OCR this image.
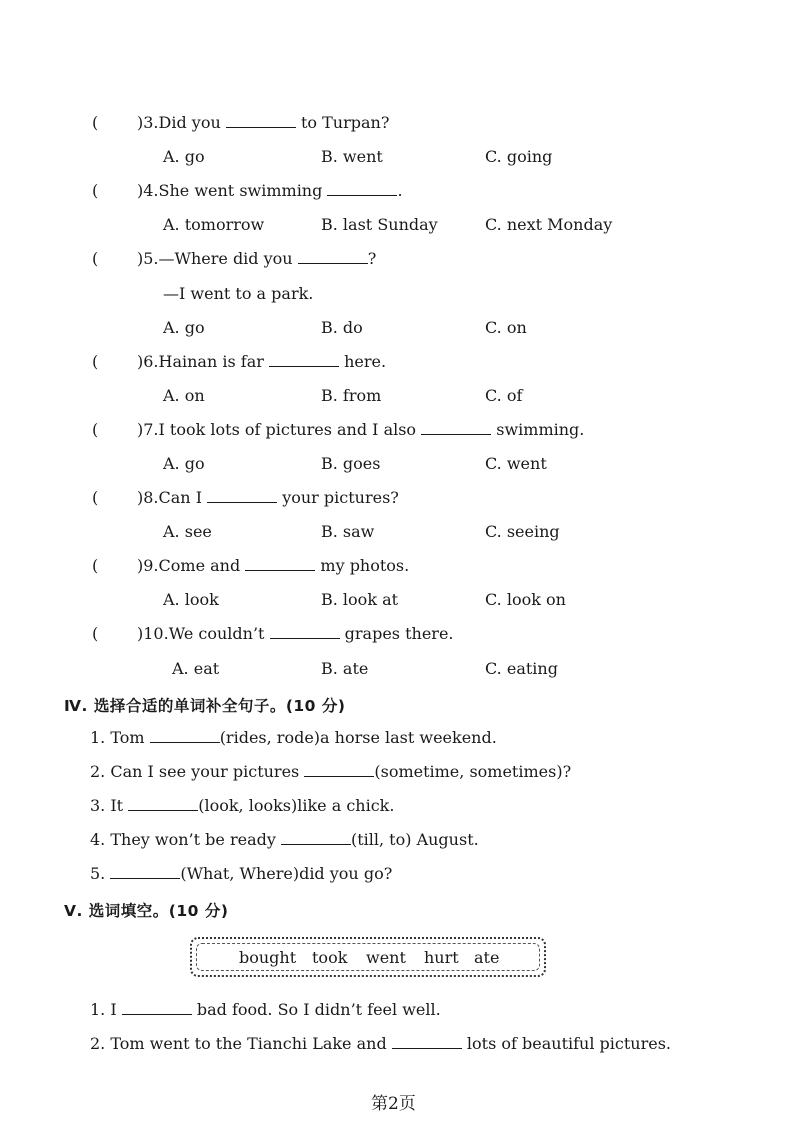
( )3.Did you	to Turpan?
A. go	B. went	C. going
( )4.She went swimming	.
A. tomorrow	B. last Sunday	C. next Monday
( )5.—Where did you	?
—I went to a park.
A. go	B. do	C. on
( )6.Hainan is far	here.
A. on	B. from	C. of
( )7.I took lots of pictures and I also	swimming.
A. go	B. goes	C. went
( )8.Can I	your pictures?
A. see	B. saw	C. seeing
( )9.Come and	my photos.
A. look	B. look at	C. look on
( )10.We couldn’t	grapes there.
A. eat	B. ate	C. eating
Ⅳ. 选择合适的单词补全句子。(10 分)
1. Tom	(rides, rode)a horse last weekend.
2. Can I see your pictures	(sometime, sometimes)?
3. It	(look, looks)like a chick.
4. They won’t be ready	(till, to) August.
5.	(What, Where)did you go?
Ⅴ. 选词填空。(10 分)
bought took went hurt ate
1. I	bad food. So I didn’t feel well.
2. Tom went to the Tianchi Lake and	lots of beautiful pictures.
第2页
